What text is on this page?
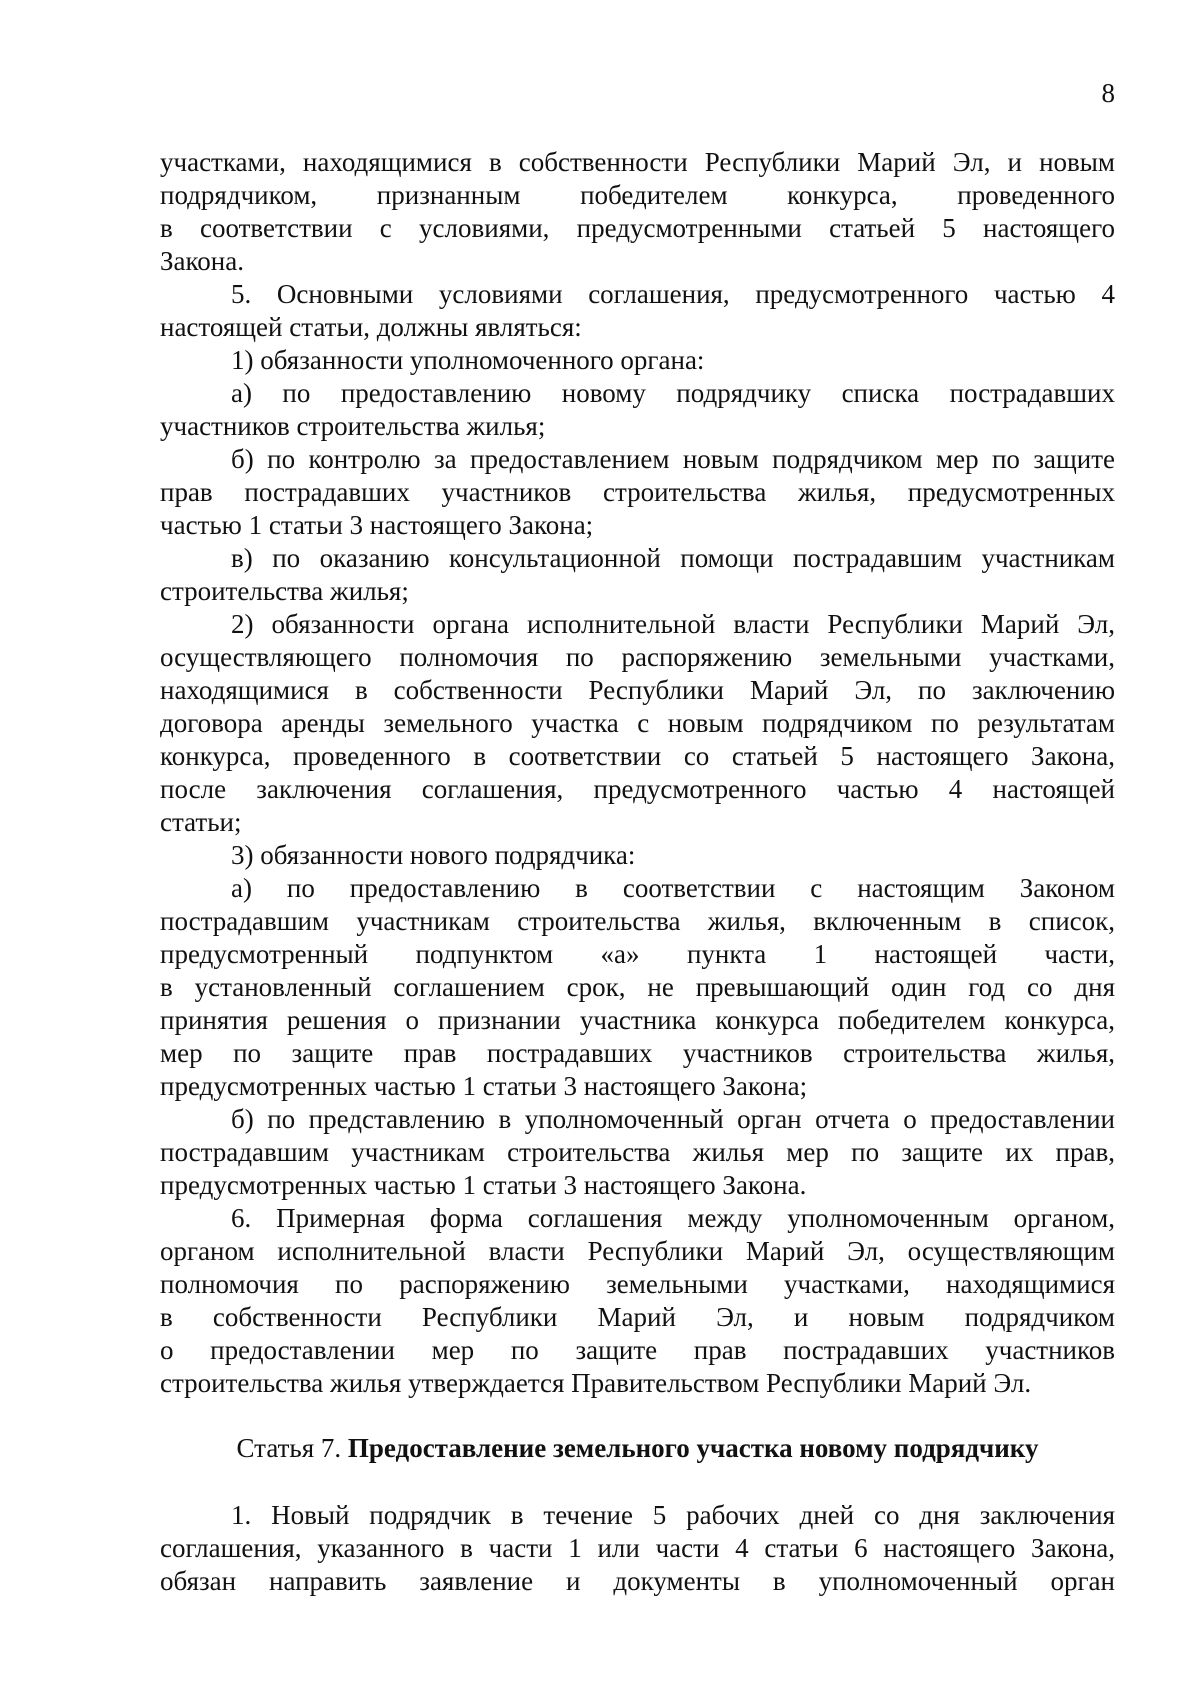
8
участками, находящимися в собственности Республики Марий Эл, и новым
подрядчиком, признанным победителем конкурса, проведенного
в соответствии с условиями, предусмотренными статьей 5 настоящего
Закона.
5. Основными условиями соглашения, предусмотренного частью 4
настоящей статьи, должны являться:
1) обязанности уполномоченного органа:
а) по предоставлению новому подрядчику списка пострадавших
участников строительства жилья;
б) по контролю за предоставлением новым подрядчиком мер по защите
прав пострадавших участников строительства жилья, предусмотренных
частью 1 статьи 3 настоящего Закона;
в) по оказанию консультационной помощи пострадавшим участникам
строительства жилья;
2) обязанности органа исполнительной власти Республики Марий Эл,
осуществляющего полномочия по распоряжению земельными участками,
находящимися в собственности Республики Марий Эл, по заключению
договора аренды земельного участка с новым подрядчиком по результатам
конкурса, проведенного в соответствии со статьей 5 настоящего Закона,
после заключения соглашения, предусмотренного частью 4 настоящей
статьи;
3) обязанности нового подрядчика:
а) по предоставлению в соответствии с настоящим Законом
пострадавшим участникам строительства жилья, включенным в список,
предусмотренный подпунктом «а» пункта 1 настоящей части,
в установленный соглашением срок, не превышающий один год со дня
принятия решения о признании участника конкурса победителем конкурса,
мер по защите прав пострадавших участников строительства жилья,
предусмотренных частью 1 статьи 3 настоящего Закона;
б) по представлению в уполномоченный орган отчета о предоставлении
пострадавшим участникам строительства жилья мер по защите их прав,
предусмотренных частью 1 статьи 3 настоящего Закона.
6. Примерная форма соглашения между уполномоченным органом,
органом исполнительной власти Республики Марий Эл, осуществляющим
полномочия по распоряжению земельными участками, находящимися
в собственности Республики Марий Эл, и новым подрядчиком
о предоставлении мер по защите прав пострадавших участников
строительства жилья утверждается Правительством Республики Марий Эл.
Статья 7. Предоставление земельного участка новому подрядчику
1. Новый подрядчик в течение 5 рабочих дней со дня заключения
соглашения, указанного в части 1 или части 4 статьи 6 настоящего Закона,
обязан направить заявление и документы в уполномоченный орган
